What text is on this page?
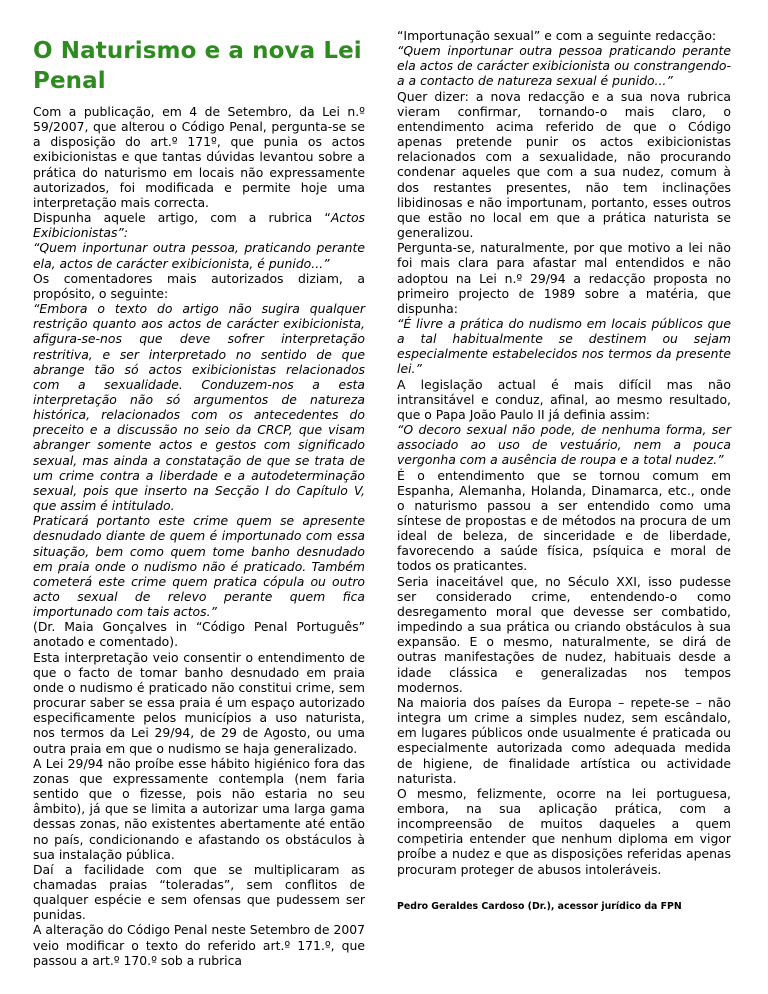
O Naturismo e a nova Lei Penal

Com a publicação, em 4 de Setembro, da Lei n.º 59/2007, que alterou o Código Penal, pergunta-se se a disposição do art.º 171º, que punia os actos exibicionistas e que tantas dúvidas levantou sobre a prática do naturismo em locais não expressamente autorizados, foi modificada e permite hoje uma interpretação mais correcta.

Dispunha aquele artigo, com a rubrica “Actos Exibicionistas”:

“Quem inportunar outra pessoa, praticando perante ela, actos de carácter exibicionista, é punido...”

Os comentadores mais autorizados diziam, a propósito, o seguinte:

“Embora o texto do artigo não sugira qualquer restrição quanto aos actos de carácter exibicionista, afigura-se-nos que deve sofrer interpretação restritiva, e ser interpretado no sentido de que abrange tão só actos exibicionistas relacionados com a sexualidade. Conduzem-nos a esta interpretação não só argumentos de natureza histórica, relacionados com os antecedentes do preceito e a discussão no seio da CRCP, que visam abranger somente actos e gestos com significado sexual, mas ainda a constatação de que se trata de um crime contra a liberdade e a autodeterminação sexual, pois que inserto na Secção I do Capítulo V, que assim é intitulado.

Praticará portanto este crime quem se apresente desnudado diante de quem é importunado com essa situação, bem como quem tome banho desnudado em praia onde o nudismo não é praticado. Também cometerá este crime quem pratica cópula ou outro acto sexual de relevo perante quem fica importunado com tais actos.”

(Dr. Maia Gonçalves in “Código Penal Português” anotado e comentado).

Esta interpretação veio consentir o entendimento de que o facto de tomar banho desnudado em praia onde o nudismo é praticado não constitui crime, sem procurar saber se essa praia é um espaço autorizado especificamente pelos municípios a uso naturista, nos termos da Lei 29/94, de 29 de Agosto, ou uma outra praia em que o nudismo se haja generalizado.

A Lei 29/94 não proíbe esse hábito higiénico fora das zonas que expressamente contempla (nem faria sentido que o fizesse, pois não estaria no seu âmbito), já que se limita a autorizar uma larga gama dessas zonas, não existentes abertamente até então no país, condicionando e afastando os obstáculos à sua instalação pública.

Daí a facilidade com que se multiplicaram as chamadas praias “toleradas”, sem conflitos de qualquer espécie e sem ofensas que pudessem ser punidas.

A alteração do Código Penal neste Setembro de 2007 veio modificar o texto do referido art.º 171.º, que passou a art.º 170.º sob a rubrica

“Importunação sexual” e com a seguinte redacção:

“Quem inportunar outra pessoa praticando perante ela actos de carácter exibicionista ou constrangendo-a a contacto de natureza sexual é punido...”

Quer dizer: a nova redacção e a sua nova rubrica vieram confirmar, tornando-o mais claro, o entendimento acima referido de que o Código apenas pretende punir os actos exibicionistas relacionados com a sexualidade, não procurando condenar aqueles que com a sua nudez, comum à dos restantes presentes, não tem inclinações libidinosas e não importunam, portanto, esses outros que estão no local em que a prática naturista se generalizou.

Pergunta-se, naturalmente, por que motivo a lei não foi mais clara para afastar mal entendidos e não adoptou na Lei n.º 29/94 a redacção proposta no primeiro projecto de 1989 sobre a matéria, que dispunha:

“É livre a prática do nudismo em locais públicos que a tal habitualmente se destinem ou sejam especialmente estabelecidos nos termos da presente lei.”

A legislação actual é mais difícil mas não intransitável e conduz, afinal, ao mesmo resultado, que o Papa João Paulo II já definia assim:

“O decoro sexual não pode, de nenhuma forma, ser associado ao uso de vestuário, nem a pouca vergonha com a ausência de roupa e a total nudez.”

É o entendimento que se tornou comum em Espanha, Alemanha, Holanda, Dinamarca, etc., onde o naturismo passou a ser entendido como uma síntese de propostas e de métodos na procura de um ideal de beleza, de sinceridade e de liberdade, favorecendo a saúde física, psíquica e moral de todos os praticantes.

Seria inaceitável que, no Século XXI, isso pudesse ser considerado crime, entendendo-o como desregamento moral que devesse ser combatido, impedindo a sua prática ou criando obstáculos à sua expansão. E o mesmo, naturalmente, se dirá de outras manifestações de nudez, habituais desde a idade clássica e generalizadas nos tempos modernos.

Na maioria dos países da Europa – repete-se – não integra um crime a simples nudez, sem escândalo, em lugares públicos onde usualmente é praticada ou especialmente autorizada como adequada medida de higiene, de finalidade artística ou actividade naturista.

O mesmo, felizmente, ocorre na lei portuguesa, embora, na sua aplicação prática, com a incompreensão de muitos daqueles a quem competiria entender que nenhum diploma em vigor proíbe a nudez e que as disposições referidas apenas procuram proteger de abusos intoleráveis.

Pedro Geraldes Cardoso (Dr.), acessor jurídico da FPN
